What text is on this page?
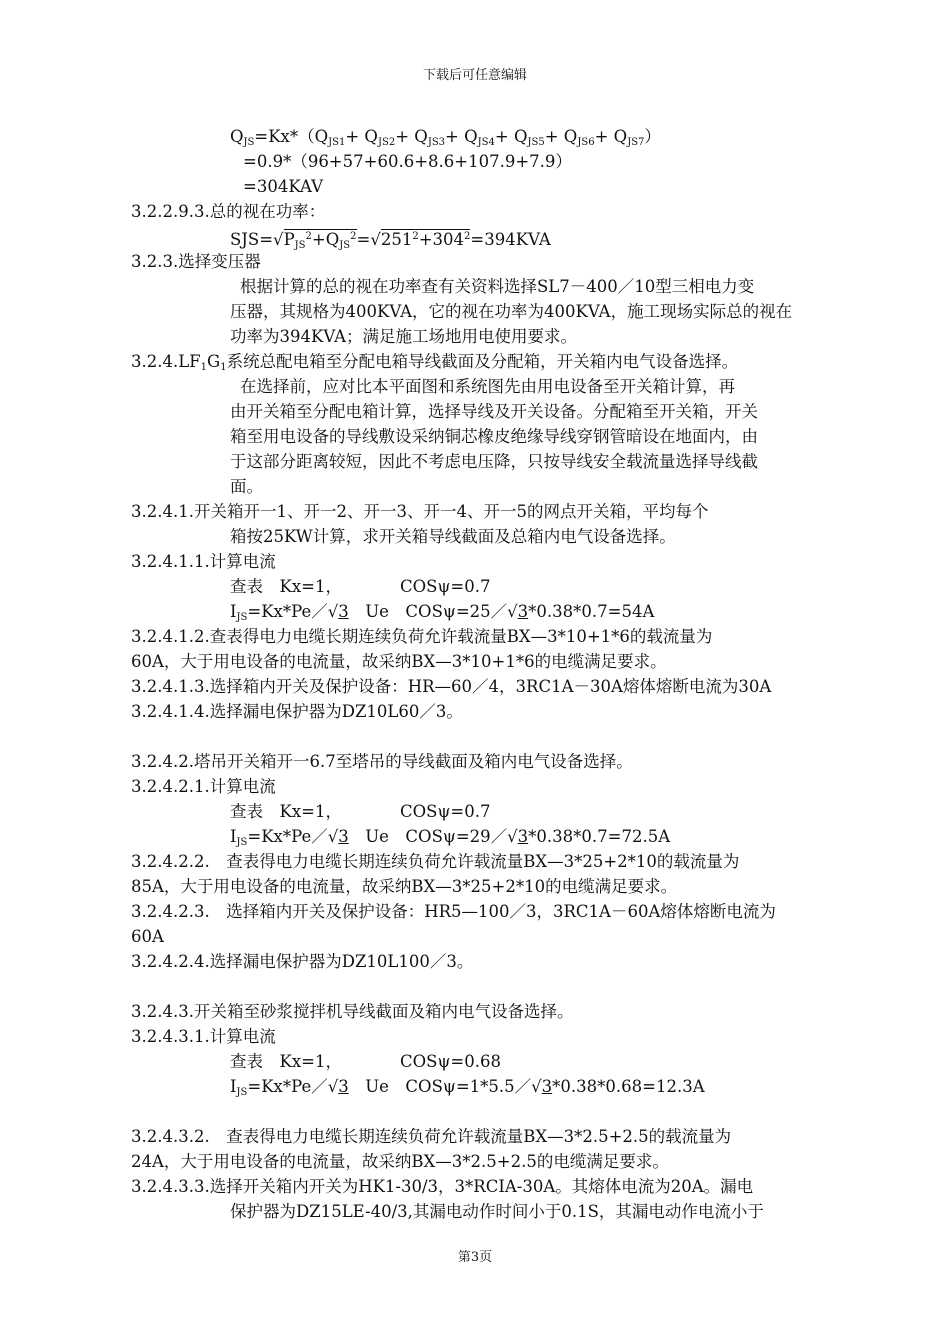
下载后可任意编辑
$Q_{JS}=Kx*(Q_{JS1}+ Q_{JS2}+ Q_{JS3}+ Q_{JS4}+ Q_{JS5}+ Q_{JS6}+ Q_{JS7})$
=0.9*（96+57+60.6+8.6+107.9+7.9）
=304KAV
3.2.2.9.3.总的视在功率：
$SJS=√P_{JS}^2+Q_{JS}^2=√251^2+304^2=394KVA$
3.2.3.选择变压器
根据计算的总的视在功率查有关资料选择SL7－400／10型三相电力变
压器，其规格为400KVA，它的视在功率为400KVA，施工现场实际总的视在
功率为394KVA；满足施工场地用电使用要求。
$3.2.4.LF_1G_1$系统总配电箱至分配电箱导线截面及分配箱，开关箱内电气设备选择。
在选择前，应对比本平面图和系统图先由用电设备至开关箱计算，再
由开关箱至分配电箱计算，选择导线及开关设备。分配箱至开关箱，开关
箱至用电设备的导线敷设采纳铜芯橡皮绝缘导线穿钢管暗设在地面内，由
于这部分距离较短，因此不考虑电压降，只按导线安全载流量选择导线截
面。
3.2.4.1.开关箱开一1、开一2、开一3、开一4、开一5的网点开关箱，平均每个
箱按25KW计算，求开关箱导线截面及总箱内电气设备选择。
3.2.4.1.1.计算电流
查表　Kx=1，	COSψ=0.7
$I_{JS}=Kx*Pe/√3$　Ue　COSψ=25／√3*0.38*0.7=54A
3.2.4.1.2.查表得电力电缆长期连续负荷允许载流量BX—3*10+1*6的载流量为
60A，大于用电设备的电流量，故采纳BX—3*10+1*6的电缆满足要求。
3.2.4.1.3.选择箱内开关及保护设备：HR—60／4，3RC1A－30A熔体熔断电流为30A
3.2.4.1.4.选择漏电保护器为DZ10L60／3。
3.2.4.2.塔吊开关箱开一6.7至塔吊的导线截面及箱内电气设备选择。
3.2.4.2.1.计算电流
查表　Kx=1，	COSψ=0.7
$I_{JS}=Kx*Pe/√3$　Ue　COSψ=29／√3*0.38*0.7=72.5A
3.2.4.2.2.　查表得电力电缆长期连续负荷允许载流量BX—3*25+2*10的载流量为
85A，大于用电设备的电流量，故采纳BX—3*25+2*10的电缆满足要求。
3.2.4.2.3.　选择箱内开关及保护设备：HR5—100／3，3RC1A－60A熔体熔断电流为
60A
3.2.4.2.4.选择漏电保护器为DZ10L100／3。
3.2.4.3.开关箱至砂浆搅拌机导线截面及箱内电气设备选择。
3.2.4.3.1.计算电流
查表　Kx=1，	COSψ=0.68
$I_{JS}=Kx*Pe/√3$　Ue　COSψ=1*5.5／√3*0.38*0.68=12.3A
3.2.4.3.2.　查表得电力电缆长期连续负荷允许载流量BX—3*2.5+2.5的载流量为
24A，大于用电设备的电流量，故采纳BX—3*2.5+2.5的电缆满足要求。
3.2.4.3.3.选择开关箱内开关为HK1-30/3，3*RCIA-30A。其熔体电流为20A。漏电
保护器为DZ15LE-40/3,其漏电动作时间小于0.1S，其漏电动作电流小于
第3页
